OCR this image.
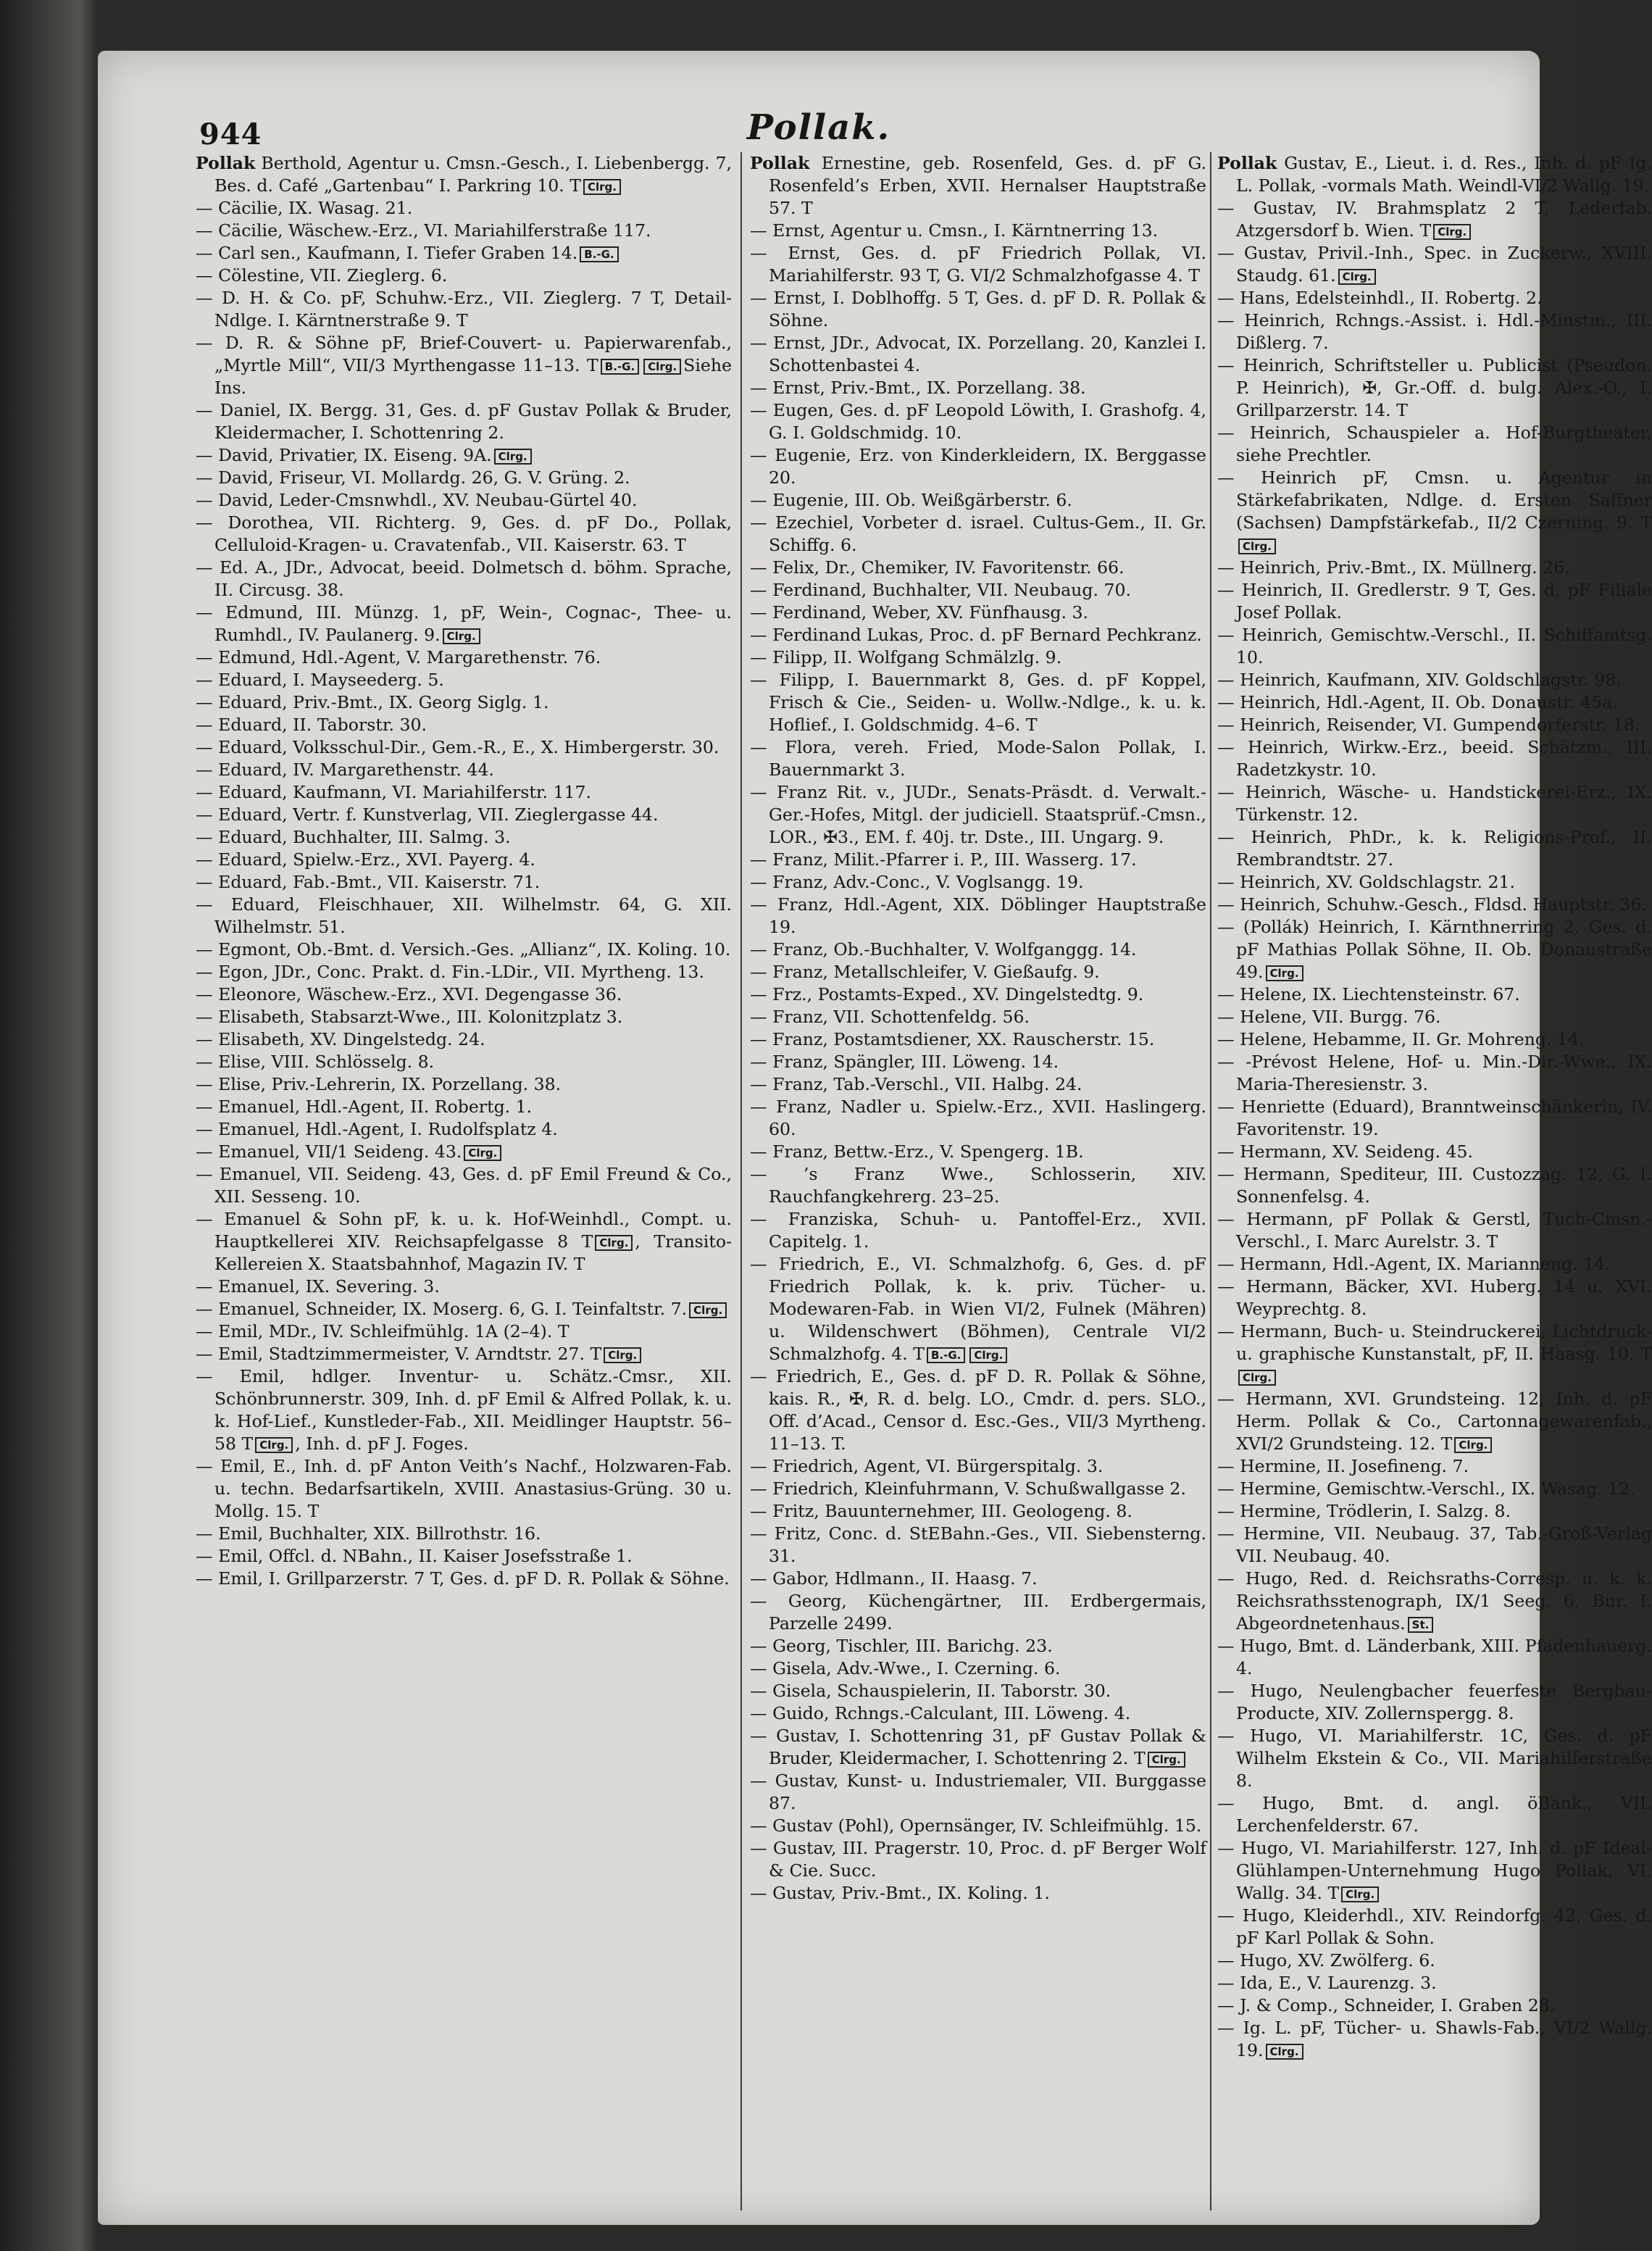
944	Pollak.
Pollak Berthold, Agentur u. Cmsn.-Gesch., I. Liebenbergg. 7, Bes. d. Café „Gartenbau“ I. Parkring 10. T Clrg.
— Cäcilie, IX. Wasag. 21.
— Cäcilie, Wäschew.-Erz., VI. Mariahilferstraße 117.
— Carl sen., Kaufmann, I. Tiefer Graben 14. B.-G.
— Cölestine, VII. Zieglerg. 6.
— D. H. & Co. pF, Schuhw.-Erz., VII. Zieglerg. 7 T, Detail-Ndlge. I. Kärntnerstraße 9. T
— D. R. & Söhne pF, Brief-Couvert- u. Papierwarenfab., „Myrtle Mill“, VII/3 Myrthengasse 11–13. T B.-G. Clrg. Siehe Ins.
— Daniel, IX. Bergg. 31, Ges. d. pF Gustav Pollak & Bruder, Kleidermacher, I. Schottenring 2.
— David, Privatier, IX. Eiseng. 9A. Clrg.
— David, Friseur, VI. Mollardg. 26, G. V. Grüng. 2.
— David, Leder-Cmsnwhdl., XV. Neubau-Gürtel 40.
— Dorothea, VII. Richterg. 9, Ges. d. pF Do., Pollak, Celluloid-Kragen- u. Cravatenfab., VII. Kaiserstr. 63. T
— Ed. A., JDr., Advocat, beeid. Dolmetsch d. böhm. Sprache, II. Circusg. 38.
— Edmund, III. Münzg. 1, pF, Wein-, Cognac-, Thee- u. Rumhdl., IV. Paulanerg. 9. Clrg.
— Edmund, Hdl.-Agent, V. Margarethenstr. 76.
— Eduard, I. Mayseederg. 5.
— Eduard, Priv.-Bmt., IX. Georg Siglg. 1.
— Eduard, II. Taborstr. 30.
— Eduard, Volksschul-Dir., Gem.-R., E., X. Himbergerstr. 30.
— Eduard, IV. Margarethenstr. 44.
— Eduard, Kaufmann, VI. Mariahilferstr. 117.
— Eduard, Vertr. f. Kunstverlag, VII. Zieglergasse 44.
— Eduard, Buchhalter, III. Salmg. 3.
— Eduard, Spielw.-Erz., XVI. Payerg. 4.
— Eduard, Fab.-Bmt., VII. Kaiserstr. 71.
— Eduard, Fleischhauer, XII. Wilhelmstr. 64, G. XII. Wilhelmstr. 51.
— Egmont, Ob.-Bmt. d. Versich.-Ges. „Allianz“, IX. Koling. 10.
— Egon, JDr., Conc. Prakt. d. Fin.-LDir., VII. Myrtheng. 13.
— Eleonore, Wäschew.-Erz., XVI. Degengasse 36.
— Elisabeth, Stabsarzt-Wwe., III. Kolonitzplatz 3.
— Elisabeth, XV. Dingelstedg. 24.
— Elise, VIII. Schlösselg. 8.
— Elise, Priv.-Lehrerin, IX. Porzellang. 38.
— Emanuel, Hdl.-Agent, II. Robertg. 1.
— Emanuel, Hdl.-Agent, I. Rudolfsplatz 4.
— Emanuel, VII/1 Seideng. 43. Clrg.
— Emanuel, VII. Seideng. 43, Ges. d. pF Emil Freund & Co., XII. Sesseng. 10.
— Emanuel & Sohn pF, k. u. k. Hof-Weinhdl., Compt. u. Hauptkellerei XIV. Reichsapfelgasse 8 T Clrg. , Transito-Kellereien X. Staatsbahnhof, Magazin IV. T
— Emanuel, IX. Severing. 3.
— Emanuel, Schneider, IX. Moserg. 6, G. I. Teinfaltstr. 7. Clrg.
— Emil, MDr., IV. Schleifmühlg. 1A (2–4). T
— Emil, Stadtzimmermeister, V. Arndtstr. 27. T Clrg.
— Emil, hdlger. Inventur- u. Schätz.-Cmsr., XII. Schönbrunnerstr. 309, Inh. d. pF Emil & Alfred Pollak, k. u. k. Hof-Lief., Kunstleder-Fab., XII. Meidlinger Hauptstr. 56–58 T Clrg. , Inh. d. pF J. Foges.
— Emil, E., Inh. d. pF Anton Veith’s Nachf., Holzwaren-Fab. u. techn. Bedarfsartikeln, XVIII. Anastasius-Grüng. 30 u. Mollg. 15. T
— Emil, Buchhalter, XIX. Billrothstr. 16.
— Emil, Offcl. d. NBahn., II. Kaiser Josefsstraße 1.
— Emil, I. Grillparzerstr. 7 T, Ges. d. pF D. R. Pollak & Söhne.
Pollak Ernestine, geb. Rosenfeld, Ges. d. pF G. Rosenfeld’s Erben, XVII. Hernalser Hauptstraße 57. T
— Ernst, Agentur u. Cmsn., I. Kärntnerring 13.
— Ernst, Ges. d. pF Friedrich Pollak, VI. Mariahilferstr. 93 T, G. VI/2 Schmalzhofgasse 4. T
— Ernst, I. Doblhoffg. 5 T, Ges. d. pF D. R. Pollak & Söhne.
— Ernst, JDr., Advocat, IX. Porzellang. 20, Kanzlei I. Schottenbastei 4.
— Ernst, Priv.-Bmt., IX. Porzellang. 38.
— Eugen, Ges. d. pF Leopold Löwith, I. Grashofg. 4, G. I. Goldschmidg. 10.
— Eugenie, Erz. von Kinderkleidern, IX. Berggasse 20.
— Eugenie, III. Ob. Weißgärberstr. 6.
— Ezechiel, Vorbeter d. israel. Cultus-Gem., II. Gr. Schiffg. 6.
— Felix, Dr., Chemiker, IV. Favoritenstr. 66.
— Ferdinand, Buchhalter, VII. Neubaug. 70.
— Ferdinand, Weber, XV. Fünfhausg. 3.
— Ferdinand Lukas, Proc. d. pF Bernard Pechkranz.
— Filipp, II. Wolfgang Schmälzlg. 9.
— Filipp, I. Bauernmarkt 8, Ges. d. pF Koppel, Frisch & Cie., Seiden- u. Wollw.-Ndlge., k. u. k. Hoflief., I. Goldschmidg. 4–6. T
— Flora, vereh. Fried, Mode-Salon Pollak, I. Bauernmarkt 3.
— Franz Rit. v., JUDr., Senats-Präsdt. d. Verwalt.-Ger.-Hofes, Mitgl. der judiciell. Staatsprüf.-Cmsn., LOR., ✠3., EM. f. 40j. tr. Dste., III. Ungarg. 9.
— Franz, Milit.-Pfarrer i. P., III. Wasserg. 17.
— Franz, Adv.-Conc., V. Voglsangg. 19.
— Franz, Hdl.-Agent, XIX. Döblinger Hauptstraße 19.
— Franz, Ob.-Buchhalter, V. Wolfganggg. 14.
— Franz, Metallschleifer, V. Gießaufg. 9.
— Frz., Postamts-Exped., XV. Dingelstedtg. 9.
— Franz, VII. Schottenfeldg. 56.
— Franz, Postamtsdiener, XX. Rauscherstr. 15.
— Franz, Spängler, III. Löweng. 14.
— Franz, Tab.-Verschl., VII. Halbg. 24.
— Franz, Nadler u. Spielw.-Erz., XVII. Haslingerg. 60.
— Franz, Bettw.-Erz., V. Spengerg. 1B.
— ’s Franz Wwe., Schlosserin, XIV. Rauchfangkehrerg. 23–25.
— Franziska, Schuh- u. Pantoffel-Erz., XVII. Capitelg. 1.
— Friedrich, E., VI. Schmalzhofg. 6, Ges. d. pF Friedrich Pollak, k. k. priv. Tücher- u. Modewaren-Fab. in Wien VI/2, Fulnek (Mähren) u. Wildenschwert (Böhmen), Centrale VI/2 Schmalzhofg. 4. T B.-G. Clrg.
— Friedrich, E., Ges. d. pF D. R. Pollak & Söhne, kais. R., ✠, R. d. belg. LO., Cmdr. d. pers. SLO., Off. d’Acad., Censor d. Esc.-Ges., VII/3 Myrtheng. 11–13. T.
— Friedrich, Agent, VI. Bürgerspitalg. 3.
— Friedrich, Kleinfuhrmann, V. Schußwallgasse 2.
— Fritz, Bauunternehmer, III. Geologeng. 8.
— Fritz, Conc. d. StEBahn.-Ges., VII. Siebensterng. 31.
— Gabor, Hdlmann., II. Haasg. 7.
— Georg, Küchengärtner, III. Erdbergermais, Parzelle 2499.
— Georg, Tischler, III. Barichg. 23.
— Gisela, Adv.-Wwe., I. Czerning. 6.
— Gisela, Schauspielerin, II. Taborstr. 30.
— Guido, Rchngs.-Calculant, III. Löweng. 4.
— Gustav, I. Schottenring 31, pF Gustav Pollak & Bruder, Kleidermacher, I. Schottenring 2. T Clrg.
— Gustav, Kunst- u. Industriemaler, VII. Burggasse 87.
— Gustav (Pohl), Opernsänger, IV. Schleifmühlg. 15.
— Gustav, III. Pragerstr. 10, Proc. d. pF Berger Wolf & Cie. Succ.
— Gustav, Priv.-Bmt., IX. Koling. 1.
Pollak Gustav, E., Lieut. i. d. Res., Inh. d. pF Ig. L. Pollak, -vormals Math. Weindl-VI/2 Wallg. 19.
— Gustav, IV. Brahmsplatz 2 T, Lederfab. Atzgersdorf b. Wien. T Clrg.
— Gustav, Privil.-Inh., Spec. in Zuckerw., XVIII. Staudg. 61. Clrg.
— Hans, Edelsteinhdl., II. Robertg. 2.
— Heinrich, Rchngs.-Assist. i. Hdl.-Minstm., III. Dißlerg. 7.
— Heinrich, Schriftsteller u. Publicist (Pseudon. P. Heinrich), ✠, Gr.-Off. d. bulg. Alex.-O., I. Grillparzerstr. 14. T
— Heinrich, Schauspieler a. Hof-Burgtheater, siehe Prechtler.
— Heinrich pF, Cmsn. u. Agentur in Stärkefabrikaten, Ndlge. d. Ersten Saffner (Sachsen) Dampfstärkefab., II/2 Czerning. 9. TClrg.
— Heinrich, Priv.-Bmt., IX. Müllnerg. 26.
— Heinrich, II. Gredlerstr. 9 T, Ges. d. pF Filiale Josef Pollak.
— Heinrich, Gemischtw.-Verschl., II. Schiffamtsg. 10.
— Heinrich, Kaufmann, XIV. Goldschlagstr. 98.
— Heinrich, Hdl.-Agent, II. Ob. Donaustr. 45a.
— Heinrich, Reisender, VI. Gumpendorferstr. 18.
— Heinrich, Wirkw.-Erz., beeid. Schätzm., III. Radetzkystr. 10.
— Heinrich, Wäsche- u. Handstickerei-Erz., IX. Türkenstr. 12.
— Heinrich, PhDr., k. k. Religions-Prof., II. Rembrandtstr. 27.
— Heinrich, XV. Goldschlagstr. 21.
— Heinrich, Schuhw.-Gesch., Fldsd. Hauptstr. 36.
— (Pollák) Heinrich, I. Kärnthnerring 2, Ges. d. pF Mathias Pollak Söhne, II. Ob. Donaustraße 49. Clrg.
— Helene, IX. Liechtensteinstr. 67.
— Helene, VII. Burgg. 76.
— Helene, Hebamme, II. Gr. Mohreng. 14.
— -Prévost Helene, Hof- u. Min.-Dir.-Wwe., IX. Maria-Theresienstr. 3.
— Henriette (Eduard), Branntweinschänkerin, IV. Favoritenstr. 19.
— Hermann, XV. Seideng. 45.
— Hermann, Spediteur, III. Custozzag. 12, G. I. Sonnenfelsg. 4.
— Hermann, pF Pollak & Gerstl, Tuch-Cmsn.-Verschl., I. Marc Aurelstr. 3. T
— Hermann, Hdl.-Agent, IX. Marianneng. 14.
— Hermann, Bäcker, XVI. Huberg. 14 u. XVI. Weyprechtg. 8.
— Hermann, Buch- u. Steindruckerei, Lichtdruck- u. graphische Kunstanstalt, pF, II. Haasg. 10. TClrg.
— Hermann, XVI. Grundsteing. 12, Inh. d. pF Herm. Pollak & Co., Cartonnagewarenfab., XVI/2 Grundsteing. 12. T Clrg.
— Hermine, II. Josefineng. 7.
— Hermine, Gemischtw.-Verschl., IX. Wasag. 12.
— Hermine, Trödlerin, I. Salzg. 8.
— Hermine, VII. Neubaug. 37, Tab.-Groß-Verlag VII. Neubaug. 40.
— Hugo, Red. d. Reichsraths-Corresp. u. k. k. Reichsrathsstenograph, IX/1 Seeg. 6, Bur. I. Abgeordnetenhaus. St.
— Hugo, Bmt. d. Länderbank, XIII. Pfadenhauerg. 4.
— Hugo, Neulengbacher feuerfeste Bergbau-Producte, XIV. Zollernspergg. 8.
— Hugo, VI. Mariahilferstr. 1C, Ges. d. pF Wilhelm Ekstein & Co., VII. Mariahilferstraße 8.
— Hugo, Bmt. d. angl. öBank., VII. Lerchenfelderstr. 67.
— Hugo, VI. Mariahilferstr. 127, Inh. d. pF Ideal-Glühlampen-Unternehmung Hugo Pollak, VI. Wallg. 34. T Clrg.
— Hugo, Kleiderhdl., XIV. Reindorfg. 42, Ges. d. pF Karl Pollak & Sohn.
— Hugo, XV. Zwölferg. 6.
— Ida, E., V. Laurenzg. 3.
— J. & Comp., Schneider, I. Graben 28.
— Ig. L. pF, Tücher- u. Shawls-Fab., VI/2 Wallg. 19. Clrg.
